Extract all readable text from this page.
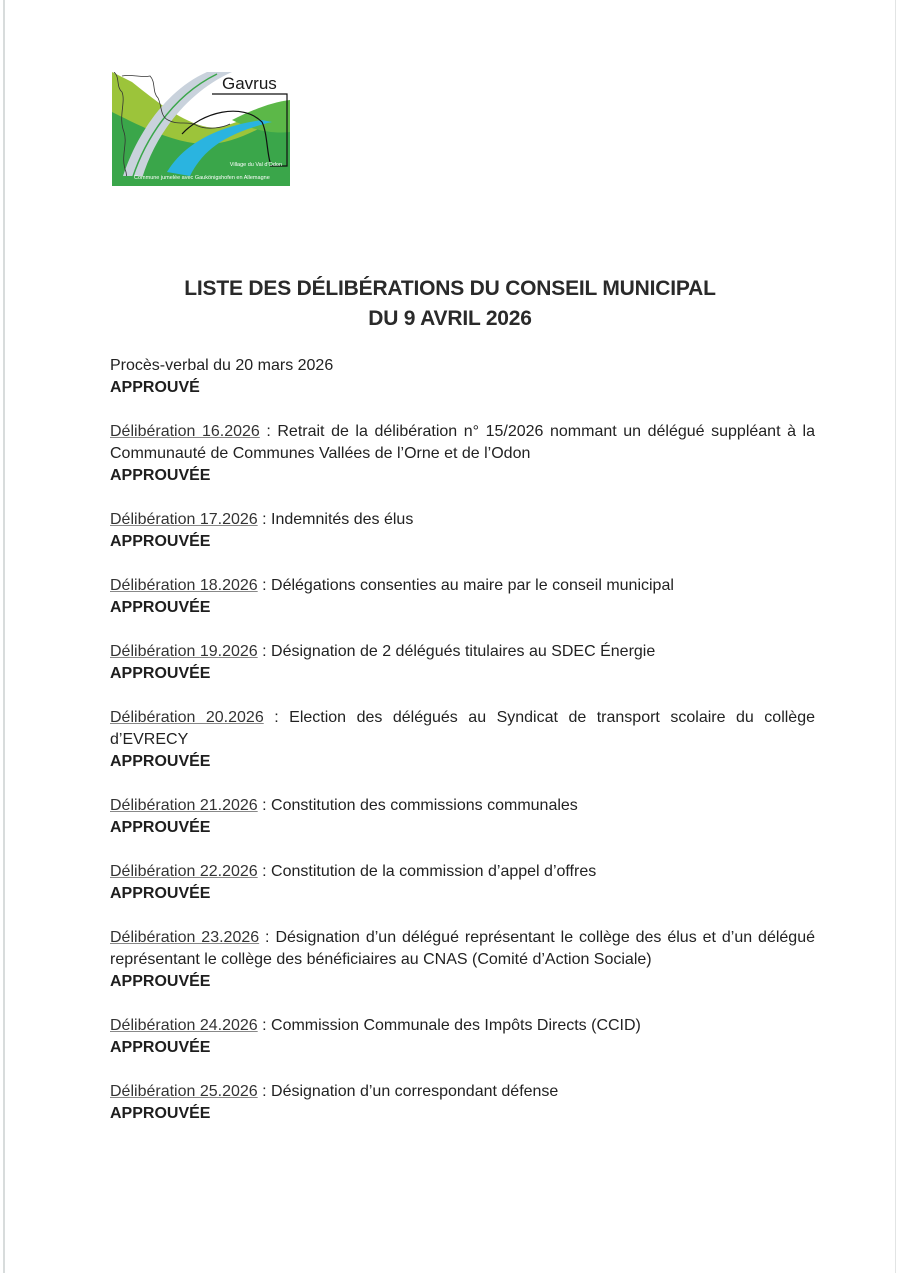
Gavrus
Village du Val d'Odon
Commune jumelée avec Gaukönigshofen en Allemagne
LISTE DES DÉLIBÉRATIONS DU CONSEIL MUNICIPAL
DU 9 AVRIL 2026
Procès-verbal du 20 mars 2026
APPROUVÉ
Délibération 16.2026 : Retrait de la délibération n° 15/2026 nommant un délégué suppléant à la Communauté de Communes Vallées de l’Orne et de l’Odon
APPROUVÉE
Délibération 17.2026 : Indemnités des élus
APPROUVÉE
Délibération 18.2026 : Délégations consenties au maire par le conseil municipal
APPROUVÉE
Délibération 19.2026 : Désignation de 2 délégués titulaires au SDEC Énergie
APPROUVÉE
Délibération 20.2026 : Election des délégués au Syndicat de transport scolaire du collège d’EVRECY
APPROUVÉE
Délibération 21.2026 : Constitution des commissions communales
APPROUVÉE
Délibération 22.2026 : Constitution de la commission d’appel d’offres
APPROUVÉE
Délibération 23.2026 : Désignation d’un délégué représentant le collège des élus et d’un délégué représentant le collège des bénéficiaires au CNAS (Comité d’Action Sociale)
APPROUVÉE
Délibération 24.2026 : Commission Communale des Impôts Directs (CCID)
APPROUVÉE
Délibération 25.2026 : Désignation d’un correspondant défense
APPROUVÉE
